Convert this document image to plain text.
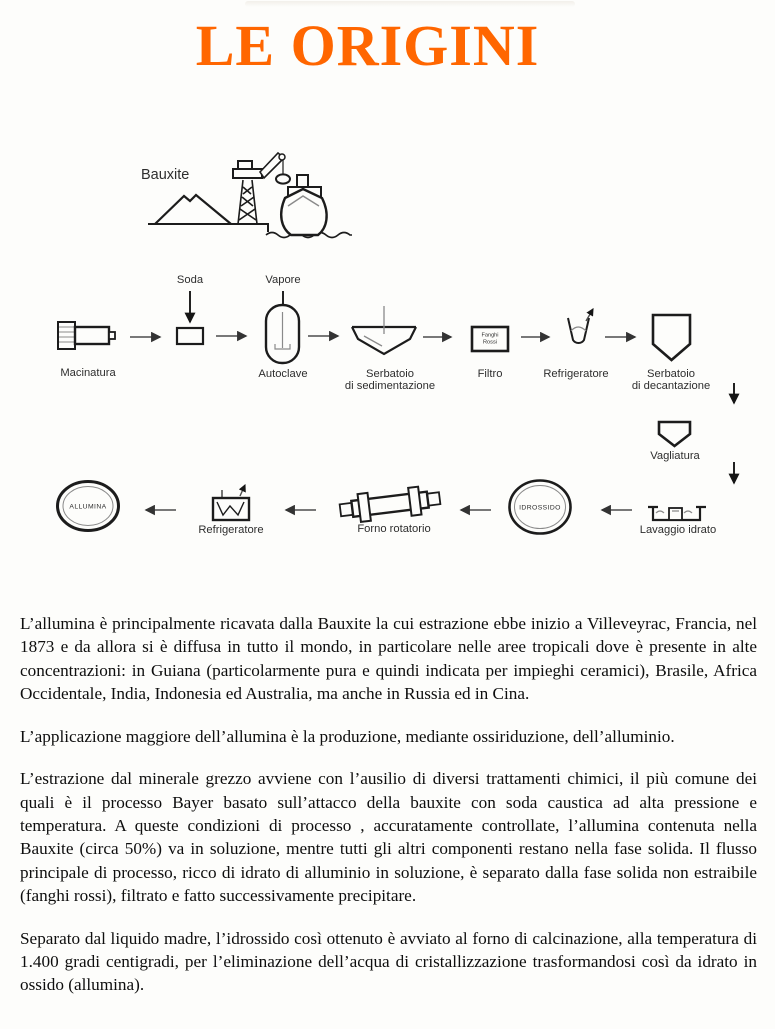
LE ORIGINI
Bauxite
Macinatura
Soda	Vapore
Autoclave	Serbatoio
di sedimentazione
Fanghi
Rossi
Filtro	Refrigeratore	Serbatoio
di decantazione
Vagliatura
Lavaggio idrato
IDROSSIDO
Forno rotatorio
Refrigeratore
ALLUMINA

L’allumina è principalmente ricavata dalla Bauxite la cui estrazione ebbe inizio a Villeveyrac, Francia, nel 1873 e da allora si è diffusa in tutto il mondo, in particolare nelle aree tropicali dove è presente in alte concentrazioni: in Guiana (particolarmente pura e quindi indicata per impieghi ceramici), Brasile, Africa Occidentale, India, Indonesia ed Australia, ma anche in Russia ed in Cina.

L’applicazione maggiore dell’allumina è la produzione, mediante ossiriduzione, dell’alluminio.

L’estrazione dal minerale grezzo avviene con l’ausilio di diversi trattamenti chimici, il più comune dei quali è il processo Bayer basato sull’attacco della bauxite con soda caustica ad alta pressione e temperatura. A queste condizioni di processo , accuratamente controllate, l’allumina contenuta nella Bauxite (circa 50%) va in soluzione, mentre tutti gli altri componenti restano nella fase solida. Il flusso principale di processo, ricco di idrato di alluminio in soluzione, è separato dalla fase solida non estraibile (fanghi rossi), filtrato e fatto successivamente precipitare.

Separato dal liquido madre, l’idrossido così ottenuto è avviato al forno di calcinazione, alla temperatura di 1.400 gradi centigradi, per l’eliminazione dell’acqua di cristallizzazione trasformandosi così da idrato in ossido (allumina).
